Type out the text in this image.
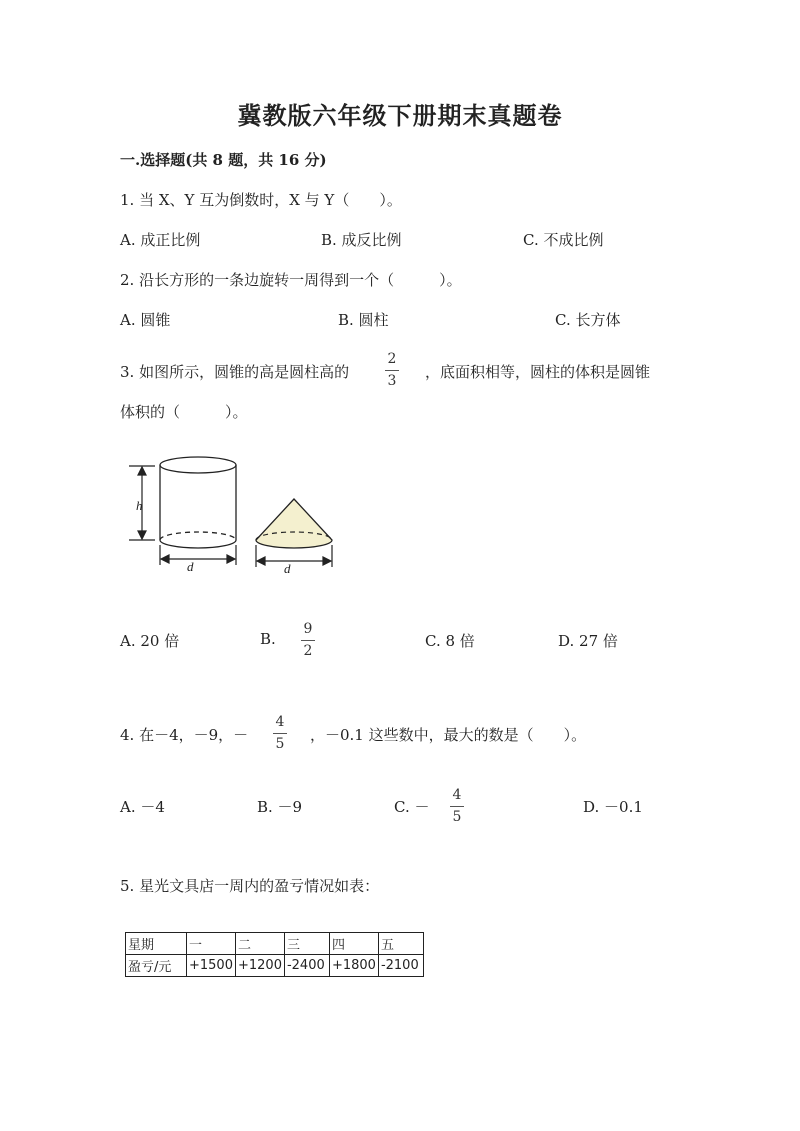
冀教版六年级下册期末真题卷
一.选择题(共 8 题，共 16 分)
1. 当 X、Y 互为倒数时，X 与 Y（　　）。
A. 成正比例	B. 成反比例	C. 不成比例
2. 沿长方形的一条边旋转一周得到一个（　　　）。
A. 圆锥	B. 圆柱	C. 长方体
3. 如图所示，圆锥的高是圆柱高的
2
3 ，底面积相等，圆柱的体积是圆锥
体积的（　　　）。
h
d	d
A. 20 倍	B.
9
2
C. 8 倍	D. 27 倍
4. 在－4，－9，－
4
5 ，－0.1 这些数中，最大的数是（　　）。
A. －4	B. －9	C. －
4
5
D. －0.1
5. 星光文具店一周内的盈亏情况如表：
星期	一	二	三	四	五
盈亏/元	+1500	+1200	-2400	+1800	-2100
